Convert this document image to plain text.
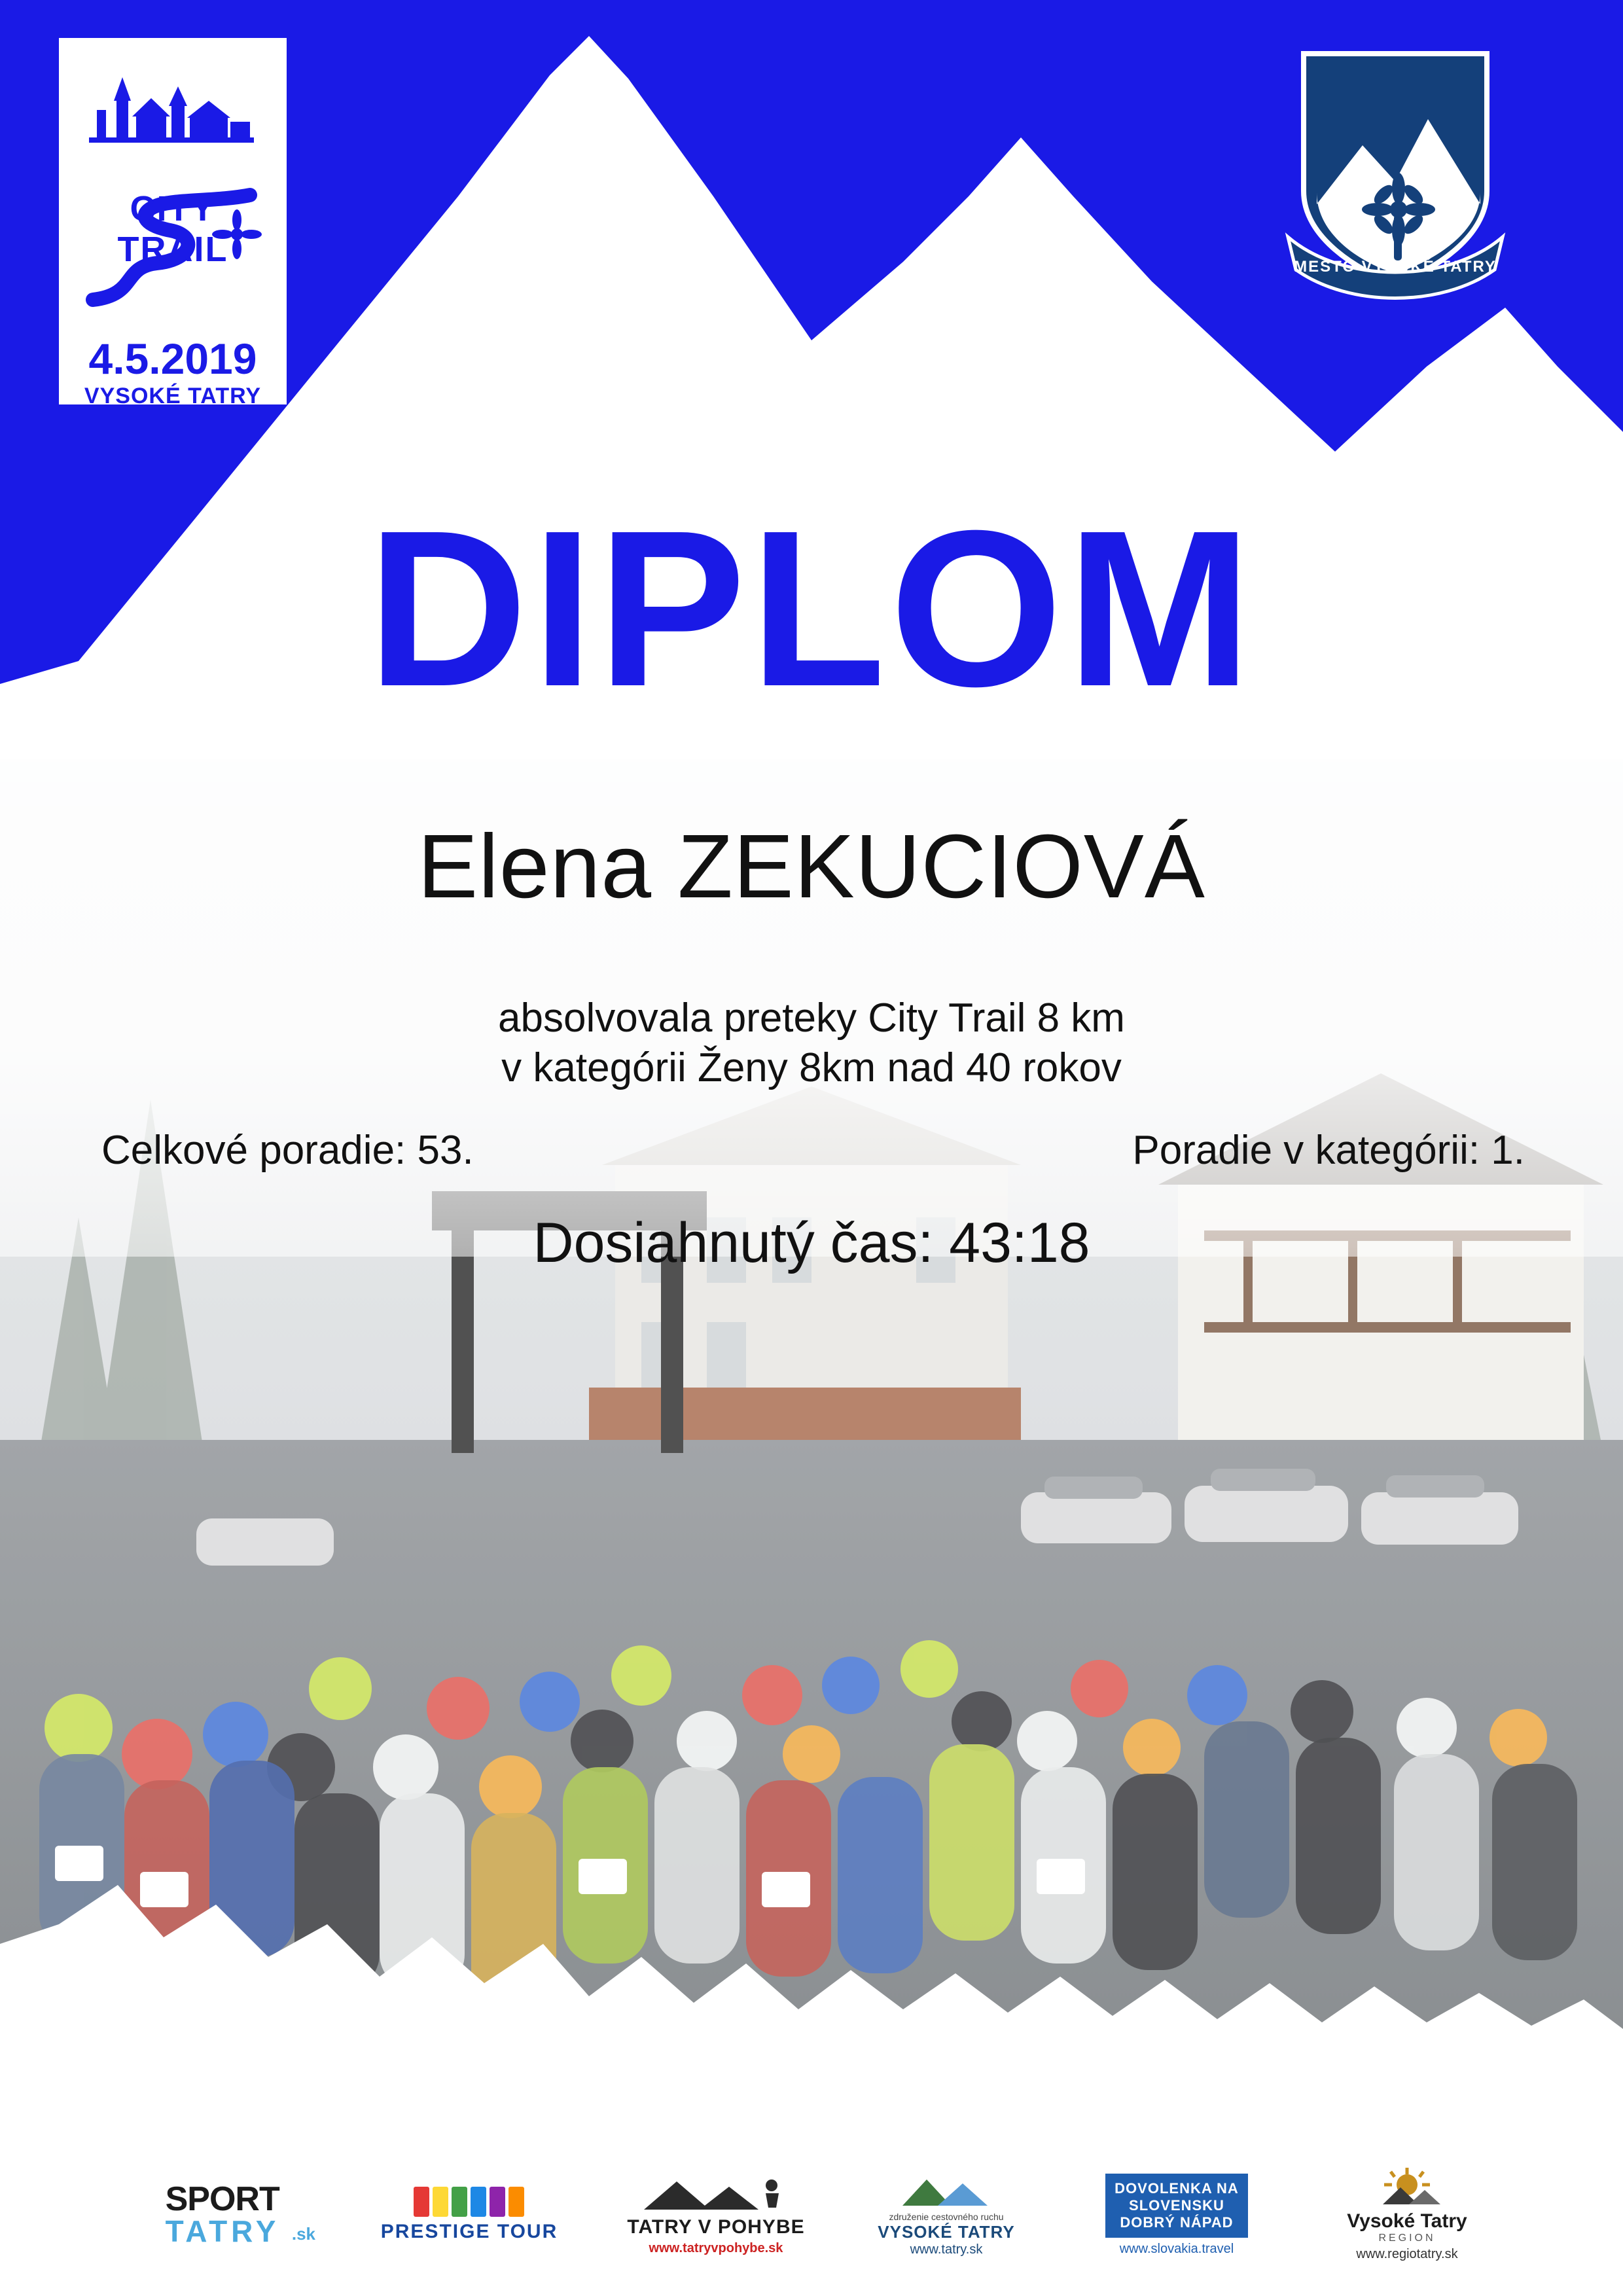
CITY
TRAIL
4.5.2019
VYSOKÉ TATRY
MESTO VYSOKÉ TATRY
DIPLOM
Elena ZEKUCIOVÁ
absolvovala preteky City Trail 8 km
v kategórii Ženy 8km nad 40 rokov
Celkové poradie: 53.	Poradie v kategórii: 1.
Dosiahnutý čas: 43:18
SPORT
TATRY .sk	PRESTIGE TOUR	TATRY V POHYBE
www.tatryvpohybe.sk
združenie cestovného ruchu
VYSOKÉ TATRY
www.tatry.sk
DOVOLENKA NA
SLOVENSKU
DOBRÝ NÁPAD
www.slovakia.travel
Vysoké Tatry
REGION
www.regiotatry.sk
